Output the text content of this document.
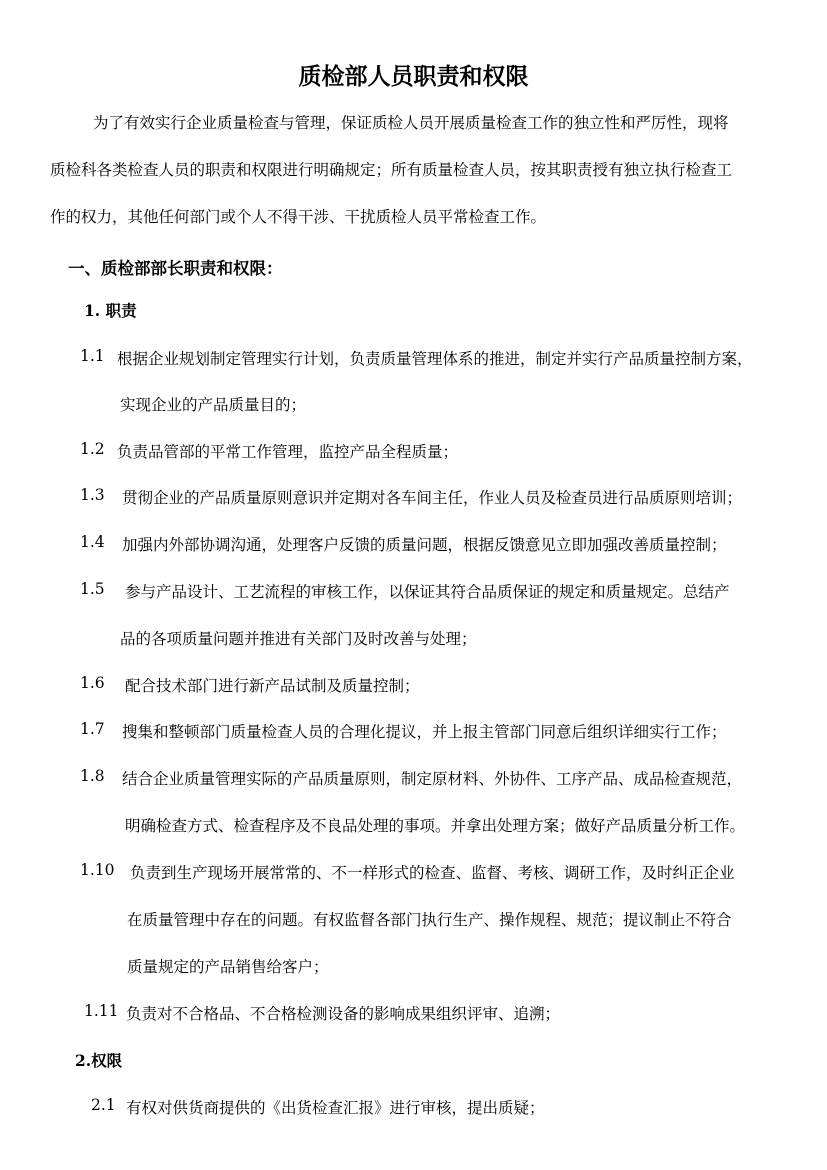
质检部人员职责和权限
为了有效实行企业质量检查与管理，保证质检人员开展质量检查工作的独立性和严厉性，现将
质检科各类检查人员的职责和权限进行明确规定；所有质量检查人员，按其职责授有独立执行检查工
作的权力，其他任何部门或个人不得干涉、干扰质检人员平常检查工作。
一、质检部部长职责和权限：
1. 职责
1.1 根据企业规划制定管理实行计划，负责质量管理体系的推进，制定并实行产品质量控制方案，
实现企业的产品质量目的；
1.2 负责品管部的平常工作管理，监控产品全程质量；
1.3 贯彻企业的产品质量原则意识并定期对各车间主任，作业人员及检查员进行品质原则培训；
1.4 加强内外部协调沟通，处理客户反馈的质量问题，根据反馈意见立即加强改善质量控制；
1.5 参与产品设计、工艺流程的审核工作，以保证其符合品质保证的规定和质量规定。总结产
品的各项质量问题并推进有关部门及时改善与处理；
1.6 配合技术部门进行新产品试制及质量控制；
1.7 搜集和整顿部门质量检查人员的合理化提议，并上报主管部门同意后组织详细实行工作；
1.8 结合企业质量管理实际的产品质量原则，制定原材料、外协件、工序产品、成品检查规范，
明确检查方式、检查程序及不良品处理的事项。并拿出处理方案；做好产品质量分析工作。
1.10 负责到生产现场开展常常的、不一样形式的检查、监督、考核、调研工作，及时纠正企业
在质量管理中存在的问题。有权监督各部门执行生产、操作规程、规范；提议制止不符合
质量规定的产品销售给客户；
1.11 负责对不合格品、不合格检测设备的影响成果组织评审、追溯；
2.权限
2.1 有权对供货商提供的《出货检查汇报》进行审核，提出质疑；
